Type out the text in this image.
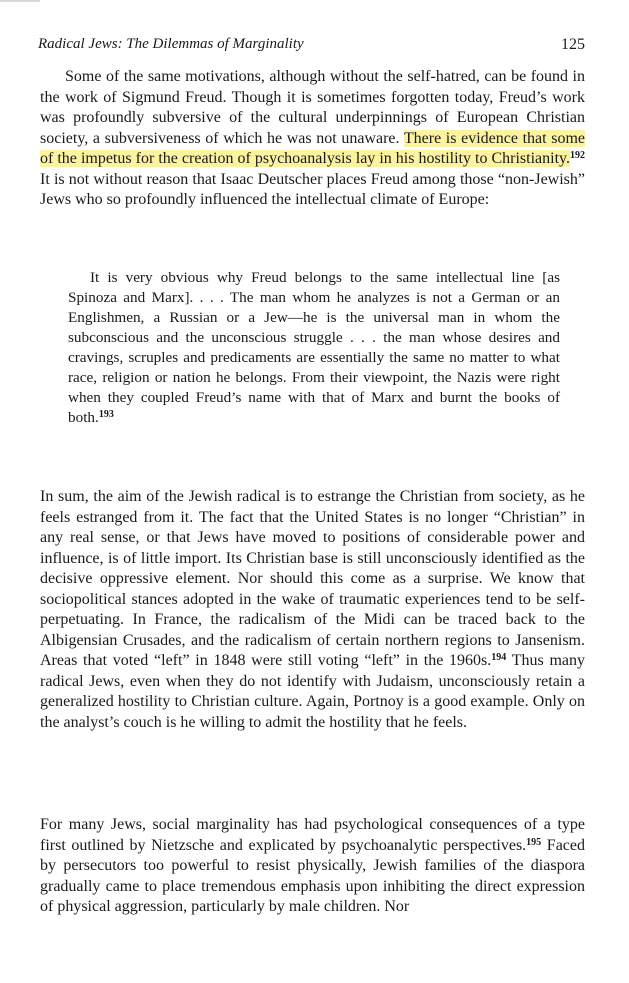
Radical Jews: The Dilemmas of Marginality	125

Some of the same motivations, although without the self-hatred, can be found in the work of Sigmund Freud. Though it is sometimes forgotten today, Freud’s work was profoundly subversive of the cultural underpinnings of European Christian society, a subversiveness of which he was not unaware. There is evidence that some of the impetus for the creation of psychoanalysis lay in his hostility to Christianity.$^{192}$ It is not without reason that Isaac Deutscher places Freud among those “non-Jewish” Jews who so profoundly influenced the intellectual climate of Europe:

It is very obvious why Freud belongs to the same intellectual line [as Spinoza and Marx]. . . . The man whom he analyzes is not a German or an Englishmen, a Russian or a Jew—he is the universal man in whom the subconscious and the unconscious struggle . . . the man whose desires and cravings, scruples and predicaments are essentially the same no matter to what race, religion or nation he belongs. From their viewpoint, the Nazis were right when they coupled Freud’s name with that of Marx and burnt the books of both.$^{193}$

In sum, the aim of the Jewish radical is to estrange the Christian from society, as he feels estranged from it. The fact that the United States is no longer “Christian” in any real sense, or that Jews have moved to positions of considerable power and influence, is of little import. Its Christian base is still unconsciously identified as the decisive oppressive element. Nor should this come as a surprise. We know that sociopolitical stances adopted in the wake of traumatic experiences tend to be self-perpetuating. In France, the radicalism of the Midi can be traced back to the Albigensian Crusades, and the radicalism of certain northern regions to Jansenism. Areas that voted “left” in 1848 were still voting “left” in the 1960s.$^{194}$ Thus many radical Jews, even when they do not identify with Judaism, unconsciously retain a generalized hostility to Christian culture. Again, Portnoy is a good example. Only on the analyst’s couch is he willing to admit the hostility that he feels.

For many Jews, social marginality has had psychological consequences of a type first outlined by Nietzsche and explicated by psychoanalytic perspectives.$^{195}$ Faced by persecutors too powerful to resist physically, Jewish families of the diaspora gradually came to place tremendous emphasis upon inhibiting the direct expression of physical aggression, particularly by male children. Nor
